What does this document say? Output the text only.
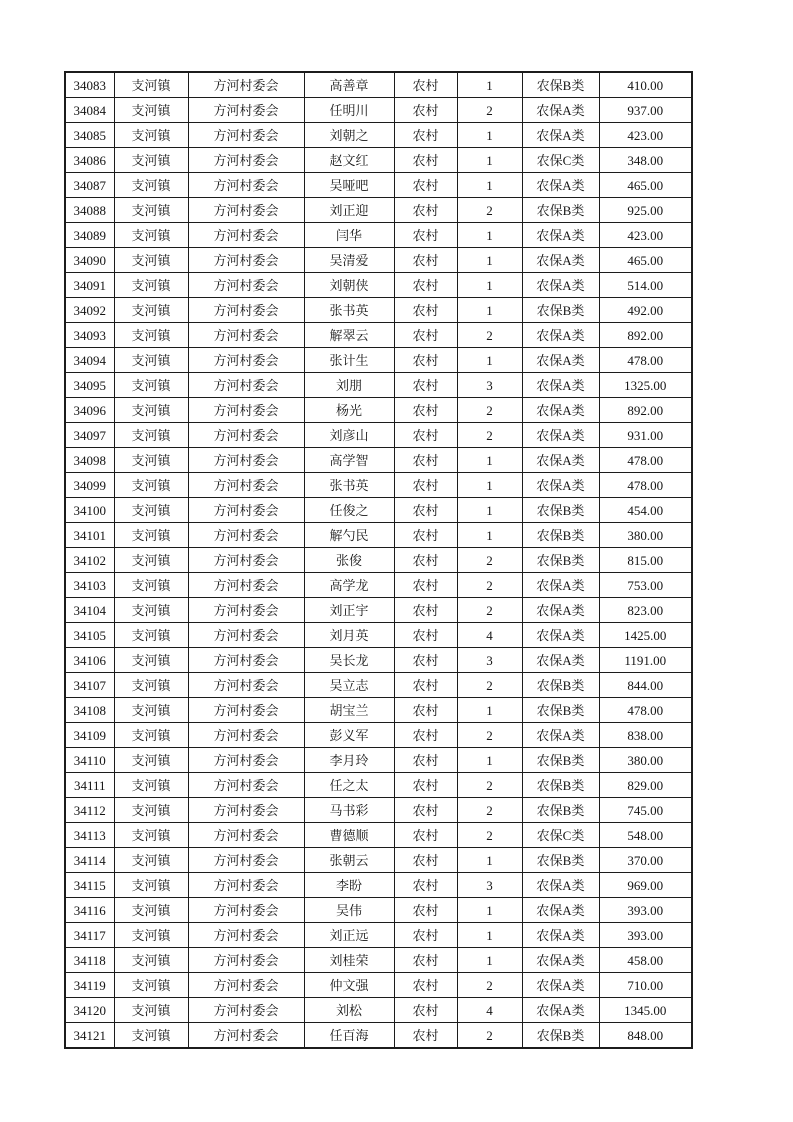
34083	支河镇	方河村委会	高善章	农村	1	农保B类	410.00
34084	支河镇	方河村委会	任明川	农村	2	农保A类	937.00
34085	支河镇	方河村委会	刘朝之	农村	1	农保A类	423.00
34086	支河镇	方河村委会	赵文红	农村	1	农保C类	348.00
34087	支河镇	方河村委会	吴哑吧	农村	1	农保A类	465.00
34088	支河镇	方河村委会	刘正迎	农村	2	农保B类	925.00
34089	支河镇	方河村委会	闫华	农村	1	农保A类	423.00
34090	支河镇	方河村委会	吴清爱	农村	1	农保A类	465.00
34091	支河镇	方河村委会	刘朝侠	农村	1	农保A类	514.00
34092	支河镇	方河村委会	张书英	农村	1	农保B类	492.00
34093	支河镇	方河村委会	解翠云	农村	2	农保A类	892.00
34094	支河镇	方河村委会	张计生	农村	1	农保A类	478.00
34095	支河镇	方河村委会	刘朋	农村	3	农保A类	1325.00
34096	支河镇	方河村委会	杨光	农村	2	农保A类	892.00
34097	支河镇	方河村委会	刘彦山	农村	2	农保A类	931.00
34098	支河镇	方河村委会	高学智	农村	1	农保A类	478.00
34099	支河镇	方河村委会	张书英	农村	1	农保A类	478.00
34100	支河镇	方河村委会	任俊之	农村	1	农保B类	454.00
34101	支河镇	方河村委会	解勺民	农村	1	农保B类	380.00
34102	支河镇	方河村委会	张俊	农村	2	农保B类	815.00
34103	支河镇	方河村委会	高学龙	农村	2	农保A类	753.00
34104	支河镇	方河村委会	刘正宇	农村	2	农保A类	823.00
34105	支河镇	方河村委会	刘月英	农村	4	农保A类	1425.00
34106	支河镇	方河村委会	吴长龙	农村	3	农保A类	1191.00
34107	支河镇	方河村委会	吴立志	农村	2	农保B类	844.00
34108	支河镇	方河村委会	胡宝兰	农村	1	农保B类	478.00
34109	支河镇	方河村委会	彭义军	农村	2	农保A类	838.00
34110	支河镇	方河村委会	李月玲	农村	1	农保B类	380.00
34111	支河镇	方河村委会	任之太	农村	2	农保B类	829.00
34112	支河镇	方河村委会	马书彩	农村	2	农保B类	745.00
34113	支河镇	方河村委会	曹德顺	农村	2	农保C类	548.00
34114	支河镇	方河村委会	张朝云	农村	1	农保B类	370.00
34115	支河镇	方河村委会	李盼	农村	3	农保A类	969.00
34116	支河镇	方河村委会	吴伟	农村	1	农保A类	393.00
34117	支河镇	方河村委会	刘正远	农村	1	农保A类	393.00
34118	支河镇	方河村委会	刘桂荣	农村	1	农保A类	458.00
34119	支河镇	方河村委会	仲文强	农村	2	农保A类	710.00
34120	支河镇	方河村委会	刘松	农村	4	农保A类	1345.00
34121	支河镇	方河村委会	任百海	农村	2	农保B类	848.00
